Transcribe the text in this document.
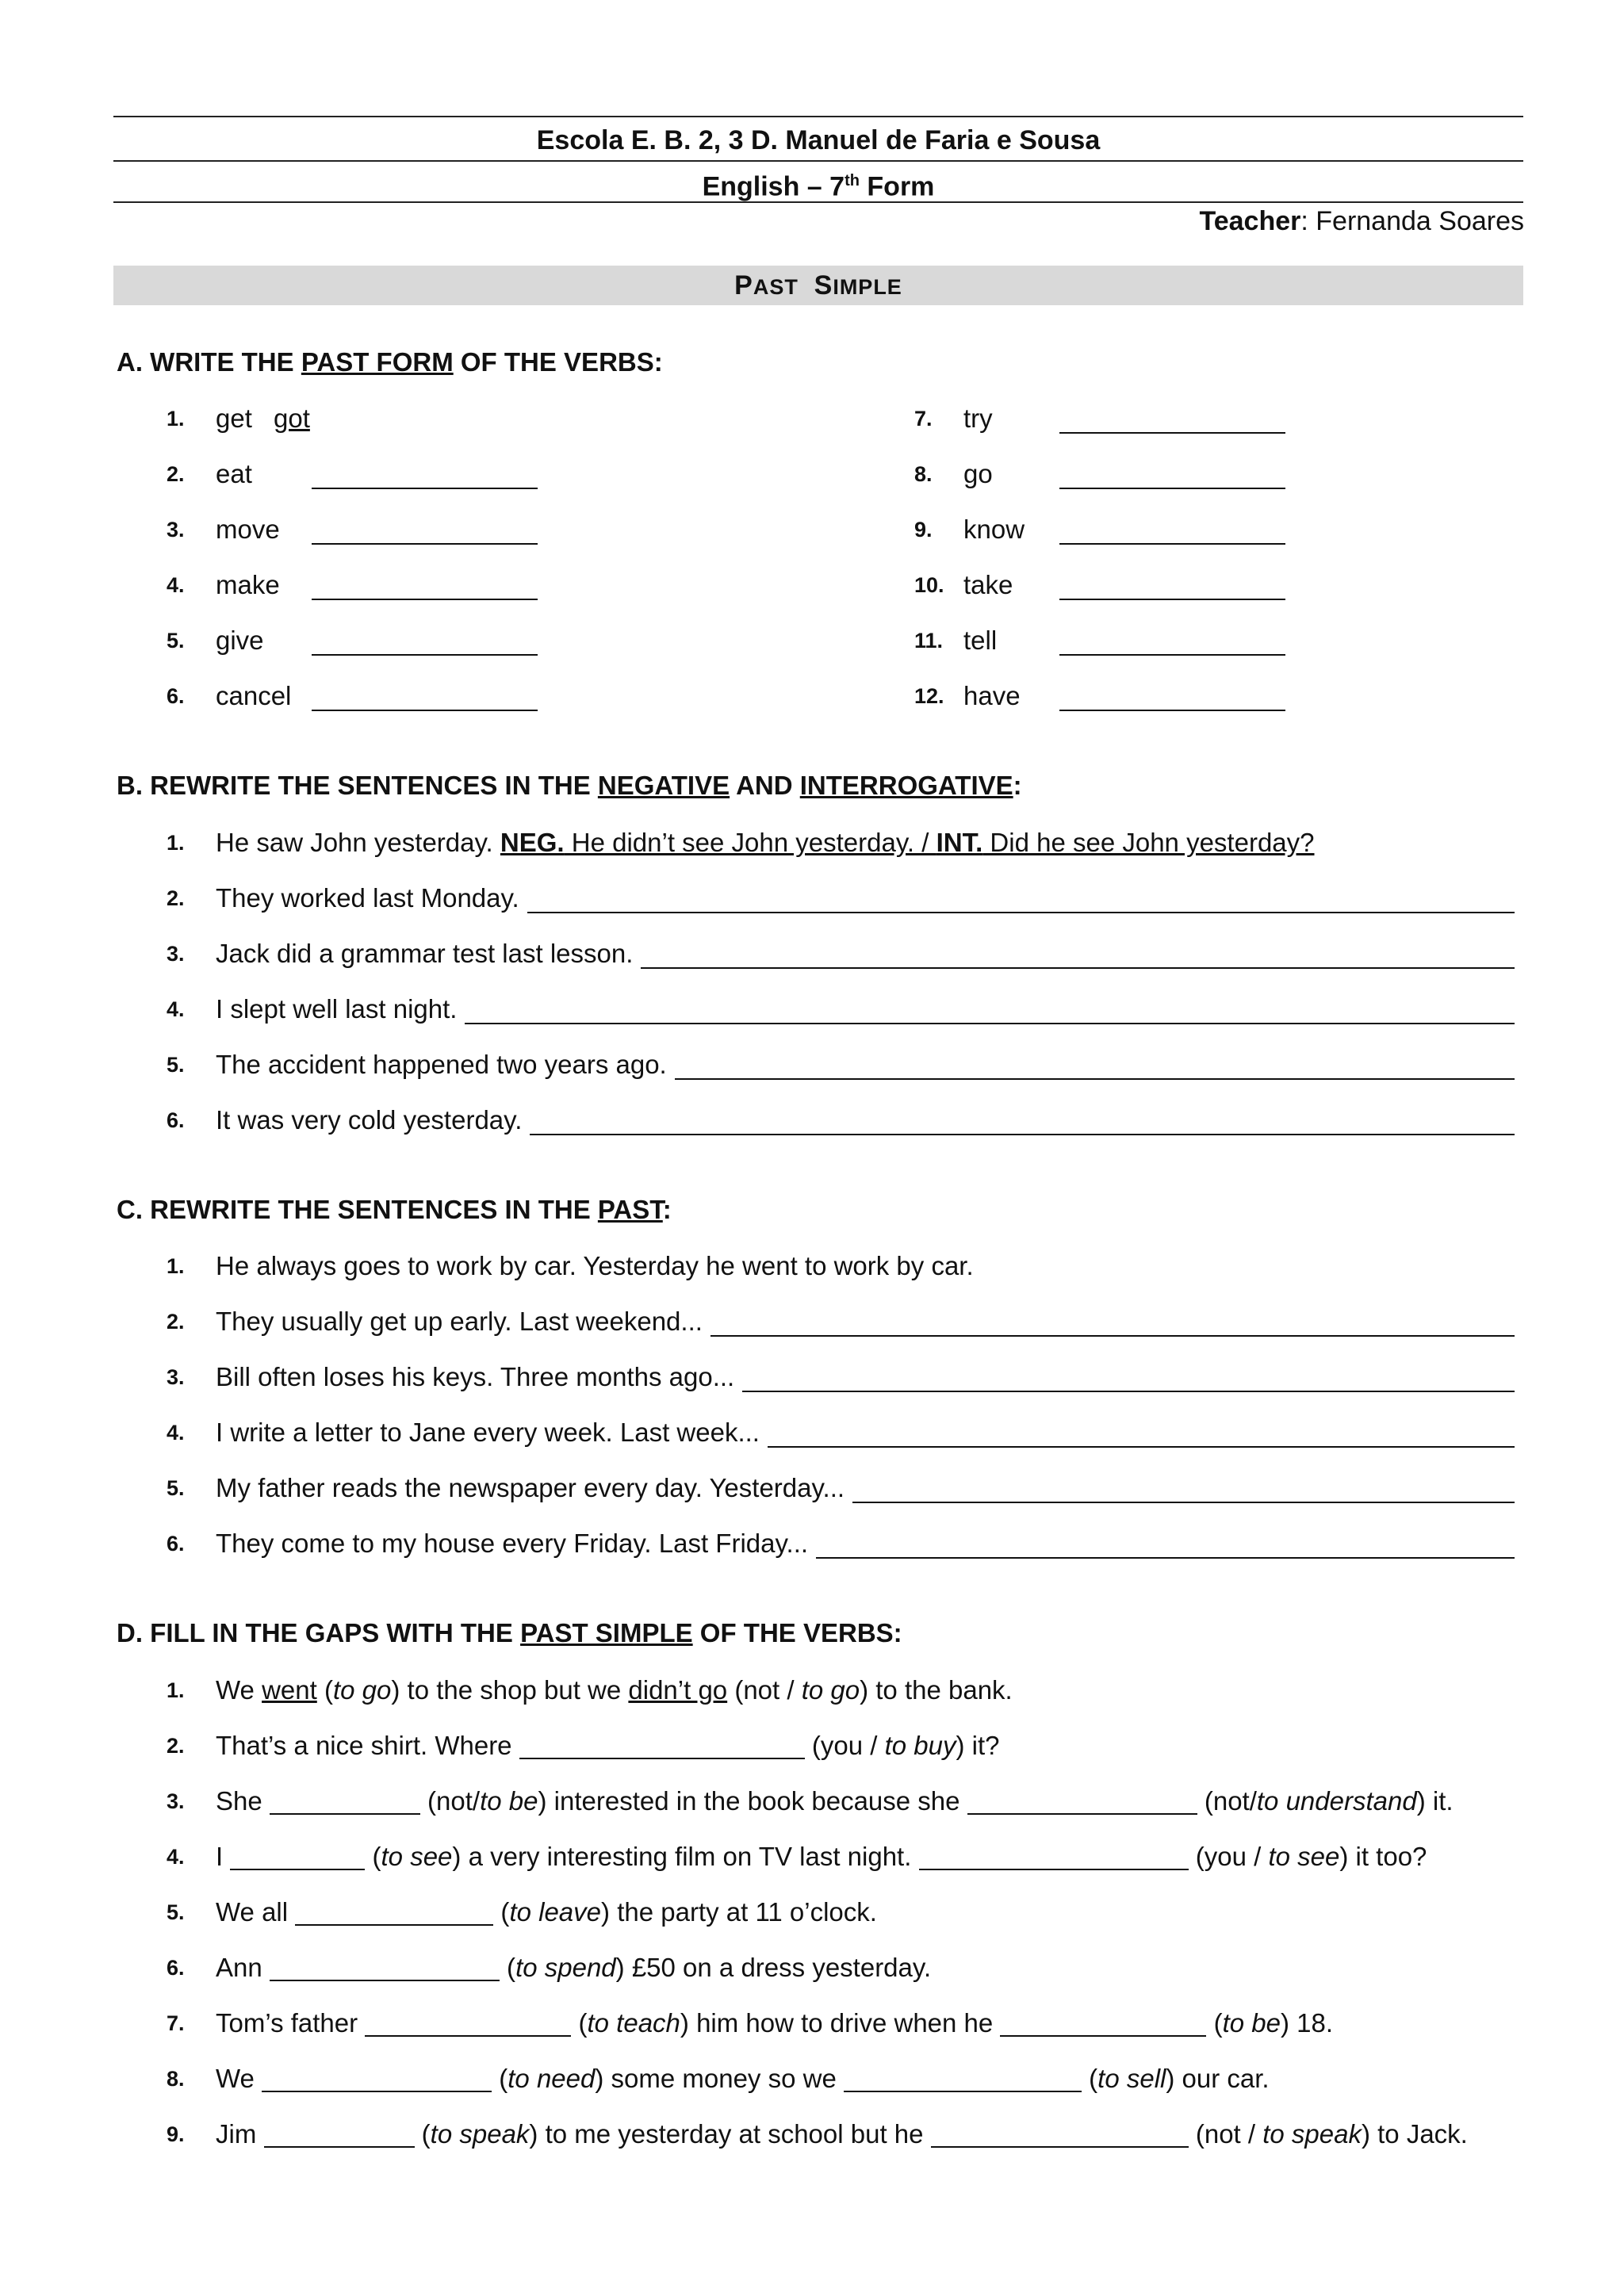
Escola E. B. 2, 3 D. Manuel de Faria e Sousa
English – 7th Form
Teacher: Fernanda Soares
PAST SIMPLE
A. WRITE THE PAST FORM OF THE VERBS:
1.	get got
2.	eat
3.	move
4.	make
5.	give
6.	cancel
7.	try
8.	go
9.	know
10. take
11. tell
12. have
B. REWRITE THE SENTENCES IN THE NEGATIVE AND INTERROGATIVE:
1.	He saw John yesterday. NEG. He didn’t see John yesterday. / INT. Did he see John yesterday?
2.	They worked last Monday.
3.	Jack did a grammar test last lesson.
4.	I slept well last night.
5.	The accident happened two years ago.
6.	It was very cold yesterday.
C. REWRITE THE SENTENCES IN THE PAST:
1.	He always goes to work by car. Yesterday he went to work by car.
2.	They usually get up early. Last weekend...
3.	Bill often loses his keys. Three months ago...
4.	I write a letter to Jane every week. Last week...
5.	My father reads the newspaper every day. Yesterday...
6.	They come to my house every Friday. Last Friday...
D. FILL IN THE GAPS WITH THE PAST SIMPLE OF THE VERBS:
1.	We went (to go) to the shop but we didn’t go (not / to go) to the bank.
2.	That’s a nice shirt. Where	(you / to buy) it?
3.	She	(not/to be) interested in the book because she	(not/to understand) it.
4.	I	(to see) a very interesting film on TV last night.	(you / to see) it too?
5.	We all	(to leave) the party at 11 o’clock.
6.	Ann	(to spend) £50 on a dress yesterday.
7.	Tom’s father	(to teach) him how to drive when he	(to be) 18.
8.	We	(to need) some money so we	(to sell) our car.
9.	Jim	(to speak) to me yesterday at school but he	(not / to speak) to Jack.
